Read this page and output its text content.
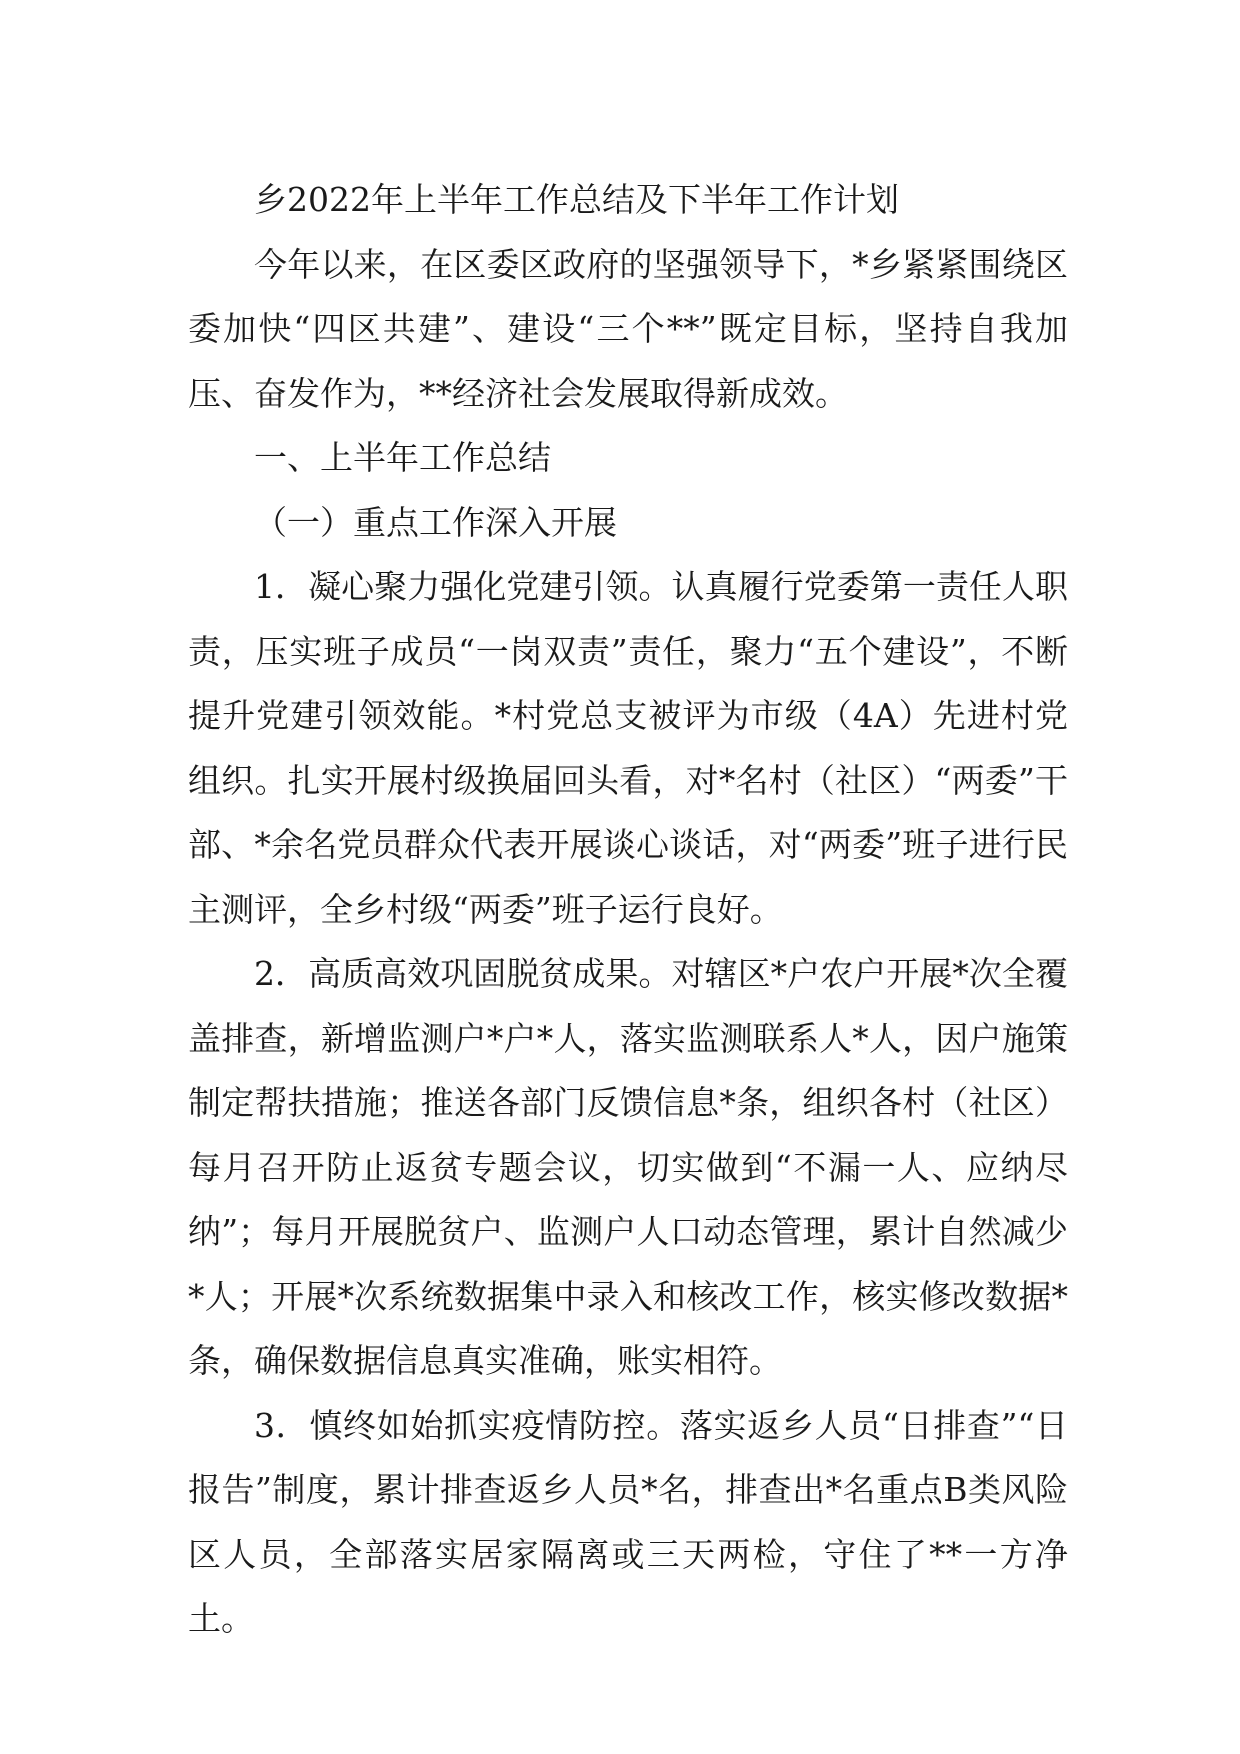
乡2022年上半年工作总结及下半年工作计划

今年以来，在区委区政府的坚强领导下，*乡紧紧围绕区委加快“四区共建”、建设“三个**”既定目标，坚持自我加压、奋发作为，**经济社会发展取得新成效。

一、上半年工作总结

（一）重点工作深入开展

1．凝心聚力强化党建引领。认真履行党委第一责任人职责，压实班子成员“一岗双责”责任，聚力“五个建设”，不断提升党建引领效能。*村党总支被评为市级（4A）先进村党组织。扎实开展村级换届回头看，对*名村（社区）“两委”干部、*余名党员群众代表开展谈心谈话，对“两委”班子进行民主测评，全乡村级“两委”班子运行良好。

2．高质高效巩固脱贫成果。对辖区*户农户开展*次全覆盖排查，新增监测户*户*人，落实监测联系人*人，因户施策制定帮扶措施；推送各部门反馈信息*条，组织各村（社区）每月召开防止返贫专题会议，切实做到“不漏一人、应纳尽纳”；每月开展脱贫户、监测户人口动态管理，累计自然减少*人；开展*次系统数据集中录入和核改工作，核实修改数据*条，确保数据信息真实准确，账实相符。

3．慎终如始抓实疫情防控。落实返乡人员“日排查”“日报告”制度，累计排查返乡人员*名，排查出*名重点B类风险区人员，全部落实居家隔离或三天两检，守住了**一方净土。
